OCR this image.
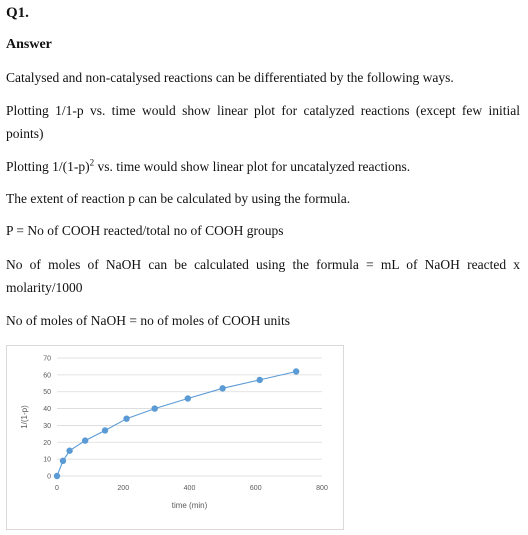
Q1.
Answer

Catalysed and non-catalysed reactions can be differentiated by the following ways.

Plotting 1/1-p vs. time would show linear plot for catalyzed reactions (except few initial points)

Plotting $1/(1-p)^2$ vs. time would show linear plot for uncatalyzed reactions.

The extent of reaction p can be calculated by using the formula.

P = No of COOH reacted/total no of COOH groups

No of moles of NaOH can be calculated using the formula = mL of NaOH reacted x molarity/1000

No of moles of NaOH = no of moles of COOH units

0
10
20
30
40
50
60
70
0	200	400	600	800
time (min)
1/(1-p)
